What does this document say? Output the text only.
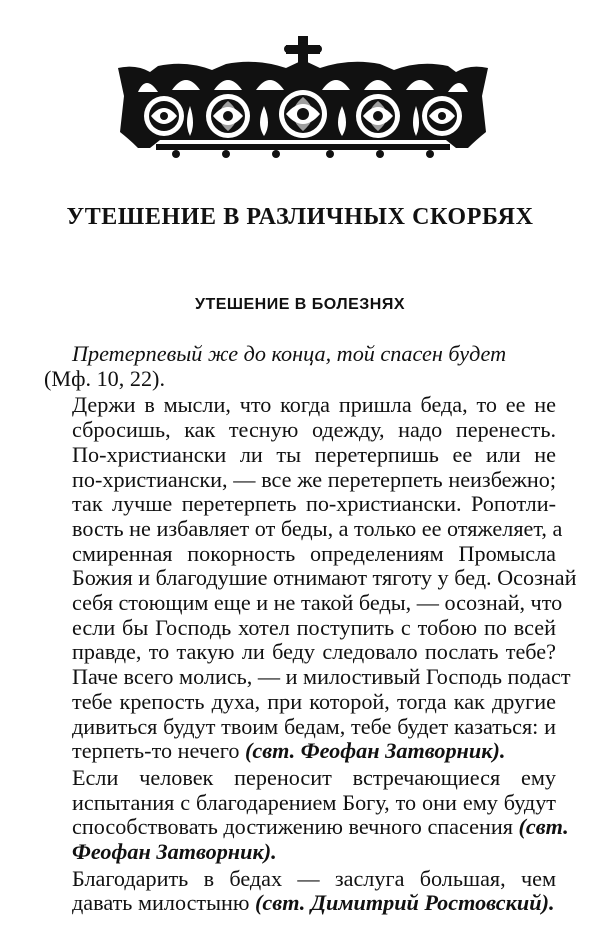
УТЕШЕНИЕ В РАЗЛИЧНЫХ СКОРБЯХ
УТЕШЕНИЕ В БОЛЕЗНЯХ

Претерпевый же до конца, той спасен будет
(Мф. 10, 22).

Держи в мысли, что когда пришла беда, то ее не
сбросишь, как тесную одежду, надо перенесть.
По-христиански ли ты перетерпишь ее или не
по-христиански, — все же перетерпеть неизбежно;
так лучше перетерпеть по-христиански. Ропотли-
вость не избавляет от беды, а только ее отяжеляет, а
смиренная покорность определениям Промысла
Божия и благодушие отнимают тяготу у бед. Осознай
себя стоющим еще и не такой беды, — осознай, что
если бы Господь хотел поступить с тобою по всей
правде, то такую ли беду следовало послать тебе?
Паче всего молись, — и милостивый Господь подаст
тебе крепость духа, при которой, тогда как другие
дивиться будут твоим бедам, тебе будет казаться: и
терпеть-то нечего (свт. Феофан Затворник).

Если человек переносит встречающиеся ему
испытания с благодарением Богу, то они ему будут
способствовать достижению вечного спасения (свт.
Феофан Затворник).

Благодарить в бедах — заслуга большая, чем
давать милостыню (свт. Димитрий Ростовский).
